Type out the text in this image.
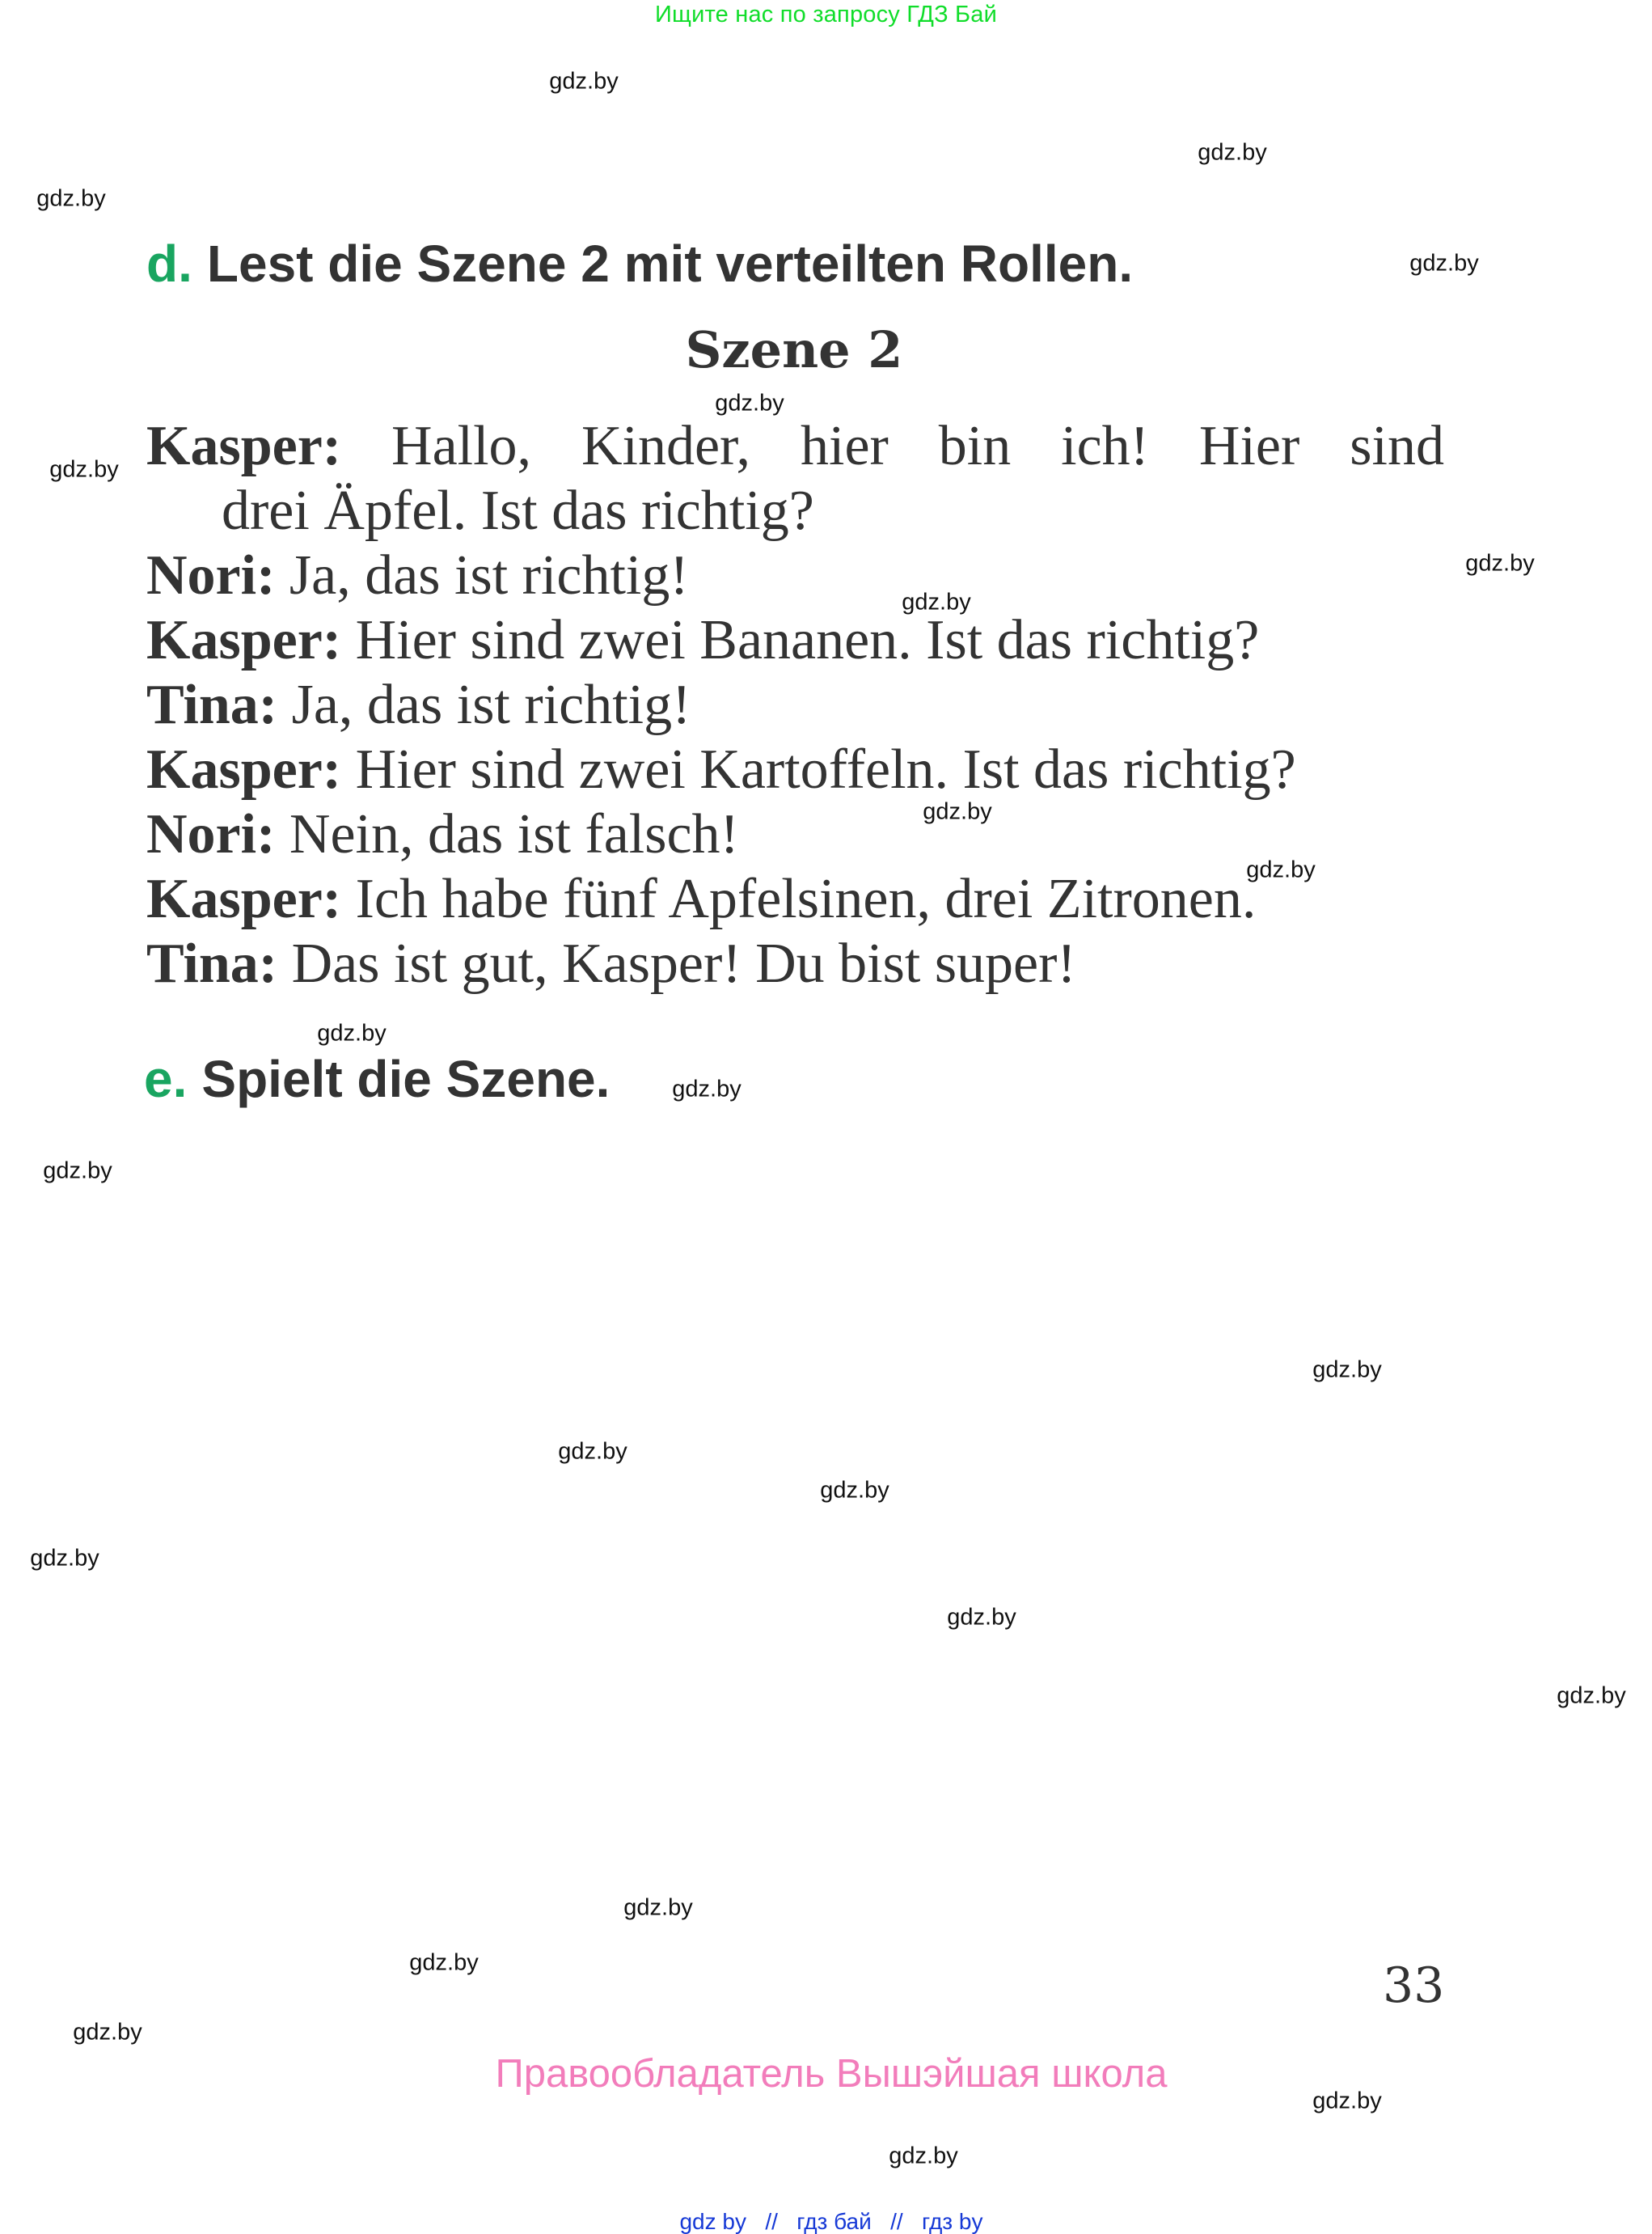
Ищите нас по запросу ГДЗ Бай
gdz.by
gdz.by
gdz.by
gdz.by
gdz.by
gdz.by
gdz.by
gdz.by
gdz.by
gdz.by
gdz.by
gdz.by
gdz.by
gdz.by
gdz.by
gdz.by
gdz.by
gdz.by
gdz.by
gdz.by
gdz.by
gdz.by
gdz.by
gdz.by
d. Lest die Szene 2 mit verteilten Rollen.
Szene 2
Kasper: Hallo, Kinder, hier bin ich! Hier sind
drei Äpfel. Ist das richtig?
Nori: Ja, das ist richtig!
Kasper: Hier sind zwei Bananen. Ist das richtig?
Tina: Ja, das ist richtig!
Kasper: Hier sind zwei Kartoffeln. Ist das richtig?
Nori: Nein, das ist falsch!
Kasper: Ich habe fünf Apfelsinen, drei Zitronen.
Tina: Das ist gut, Kasper! Du bist super!
e. Spielt die Szene.
33
Правообладатель Вышэйшая школа
gdz by // гдз бай // гдз by
